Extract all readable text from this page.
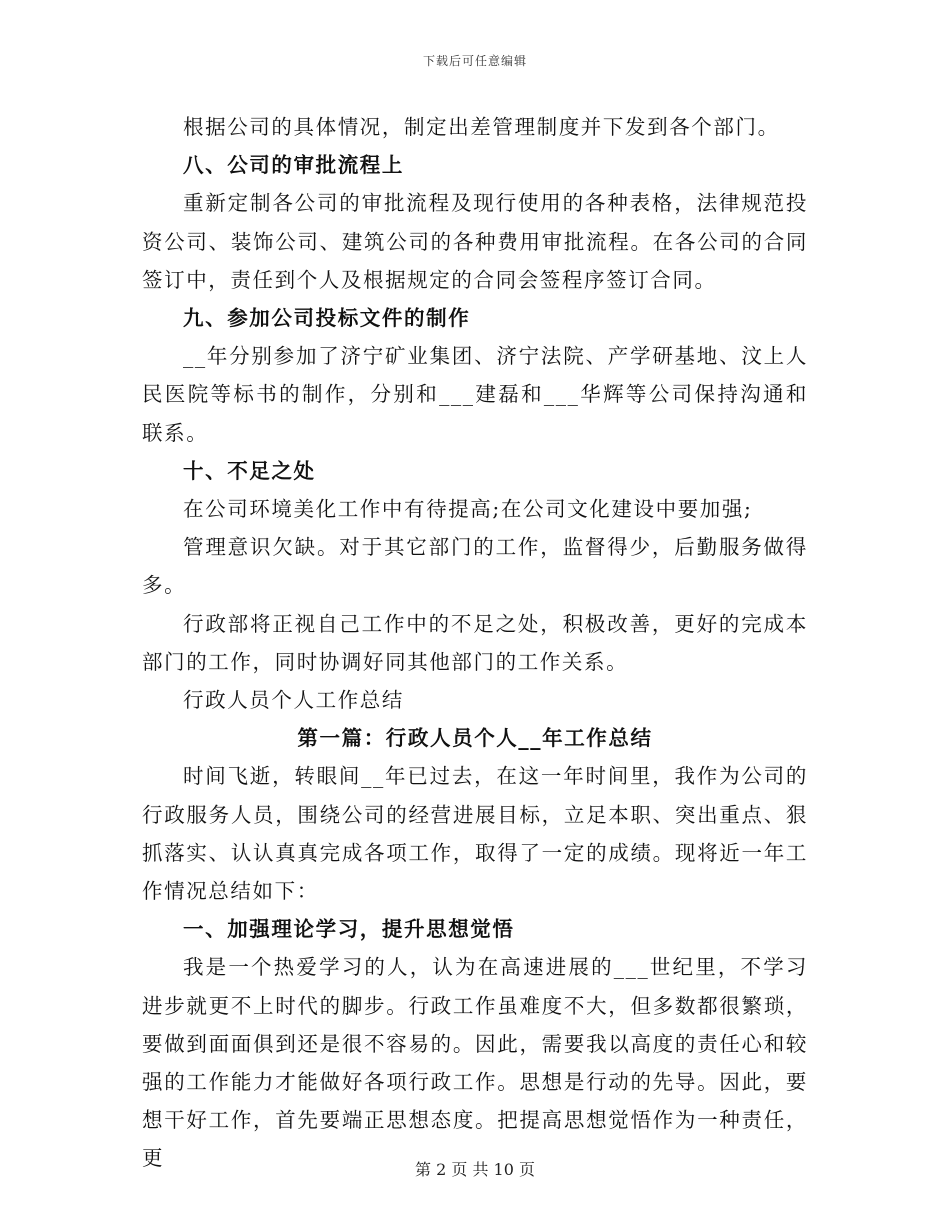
下载后可任意编辑

根据公司的具体情况，制定出差管理制度并下发到各个部门。

八、公司的审批流程上

重新定制各公司的审批流程及现行使用的各种表格，法律规范投资公司、装饰公司、建筑公司的各种费用审批流程。在各公司的合同签订中，责任到个人及根据规定的合同会签程序签订合同。

九、参加公司投标文件的制作

__年分别参加了济宁矿业集团、济宁法院、产学研基地、汶上人民医院等标书的制作，分别和___建磊和___华辉等公司保持沟通和联系。

十、不足之处

在公司环境美化工作中有待提高;在公司文化建设中要加强;

管理意识欠缺。对于其它部门的工作，监督得少，后勤服务做得多。

行政部将正视自己工作中的不足之处，积极改善，更好的完成本部门的工作，同时协调好同其他部门的工作关系。

行政人员个人工作总结

第一篇：行政人员个人__年工作总结

时间飞逝，转眼间__年已过去，在这一年时间里，我作为公司的行政服务人员，围绕公司的经营进展目标，立足本职、突出重点、狠抓落实、认认真真完成各项工作，取得了一定的成绩。现将近一年工作情况总结如下：

一、加强理论学习，提升思想觉悟

我是一个热爱学习的人，认为在高速进展的___世纪里，不学习进步就更不上时代的脚步。行政工作虽难度不大，但多数都很繁琐，要做到面面俱到还是很不容易的。因此，需要我以高度的责任心和较强的工作能力才能做好各项行政工作。思想是行动的先导。因此，要想干好工作，首先要端正思想态度。把提高思想觉悟作为一种责任，更	第 2 页 共 10 页
